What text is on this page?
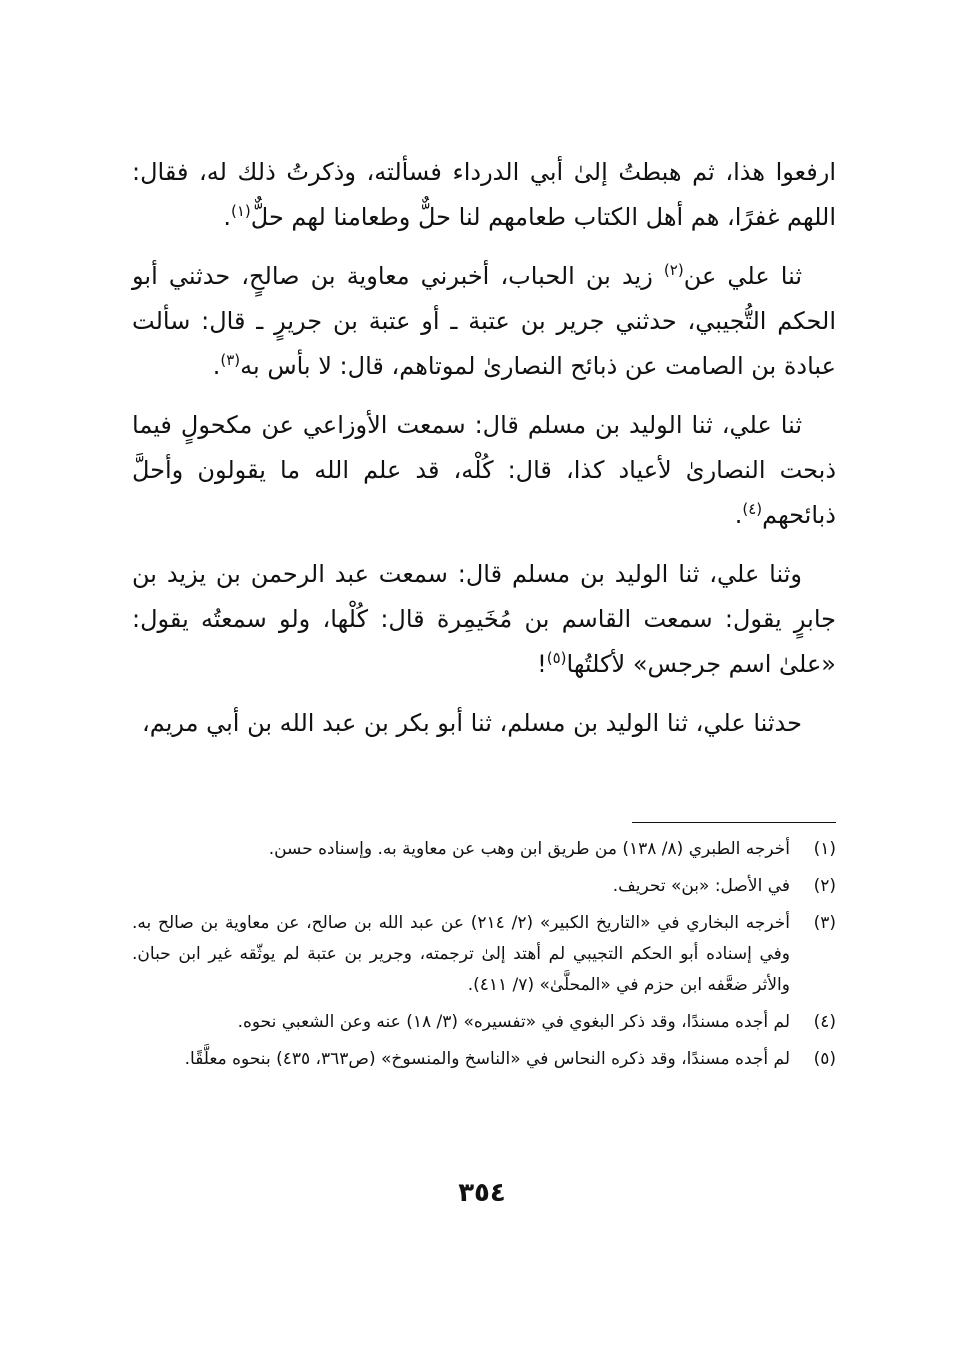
ارفعوا هذا، ثم هبطتُ إلىٰ أبي الدرداء فسألته، وذكرتُ ذلك له، فقال: اللهم غفرًا، هم أهل الكتاب طعامهم لنا حلٌّ وطعامنا لهم حلٌّ$^{(١)}$.

ثنا علي عن$^{(٢)}$ زيد بن الحباب، أخبرني معاوية بن صالحٍ، حدثني أبو الحكم التُّجيبي، حدثني جرير بن عتبة ـ أو عتبة بن جريرٍ ـ قال: سألت عبادة بن الصامت عن ذبائح النصارىٰ لموتاهم، قال: لا بأس به$^{(٣)}$.

ثنا علي، ثنا الوليد بن مسلم قال: سمعت الأوزاعي عن مكحولٍ فيما ذبحت النصارىٰ لأعياد كذا، قال: كُلْه، قد علم الله ما يقولون وأحلَّ ذبائحهم$^{(٤)}$.

وثنا علي، ثنا الوليد بن مسلم قال: سمعت عبد الرحمن بن يزيد بن جابرٍ يقول: سمعت القاسم بن مُخَيمِرة قال: كُلْها، ولو سمعتُه يقول: «علىٰ اسم جرجس» لأكلتُها$^{(٥)}$!

حدثنا علي، ثنا الوليد بن مسلم، ثنا أبو بكر بن عبد الله بن أبي مريم،

(١)
أخرجه الطبري (٨/ ١٣٨) من طريق ابن وهب عن معاوية به. وإسناده حسن.
(٢)
في الأصل: «بن» تحريف.
(٣)
أخرجه البخاري في «التاريخ الكبير» (٢/ ٢١٤) عن عبد الله بن صالح، عن معاوية بن صالح به. وفي إسناده أبو الحكم التجيبي لم أهتد إلىٰ ترجمته، وجرير بن عتبة لم يوثّقه غير ابن حبان. والأثر ضعَّفه ابن حزم في «المحلَّىٰ» (٧/ ٤١١).
(٤)
لم أجده مسندًا، وقد ذكر البغوي في «تفسيره» (٣/ ١٨) عنه وعن الشعبي نحوه.
(٥)
لم أجده مسندًا، وقد ذكره النحاس في «الناسخ والمنسوخ» (ص٣٦٣، ٤٣٥) بنحوه معلَّقًا.
٣٥٤
